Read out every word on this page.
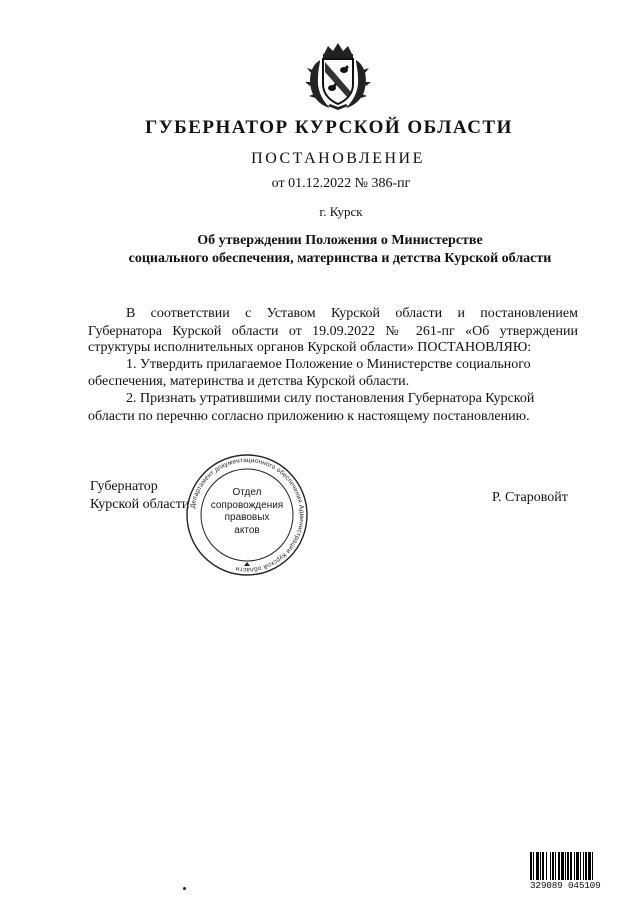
ГУБЕРНАТОР КУРСКОЙ ОБЛАСТИ
ПОСТАНОВЛЕНИЕ
от 01.12.2022 № 386-пг
г. Курск
Об утверждении Положения о Министерстве
социального обеспечения, материнства и детства Курской области
В соответствии с Уставом Курской области и постановлением
Губернатора Курской области от 19.09.2022 № 261-пг «Об утверждении
структуры исполнительных органов Курской области» ПОСТАНОВЛЯЮ:
1. Утвердить прилагаемое Положение о Министерстве социального
обеспечения, материнства и детства Курской области.
2. Признать утратившими силу постановления Губернатора Курской
области по перечню согласно приложению к настоящему постановлению.
Губернатор
Курской области Департамент документационного обеспечения Администрации Курской области
Отдел
сопровождения
правовых
актов
Р. Старовойт
329089 045109
